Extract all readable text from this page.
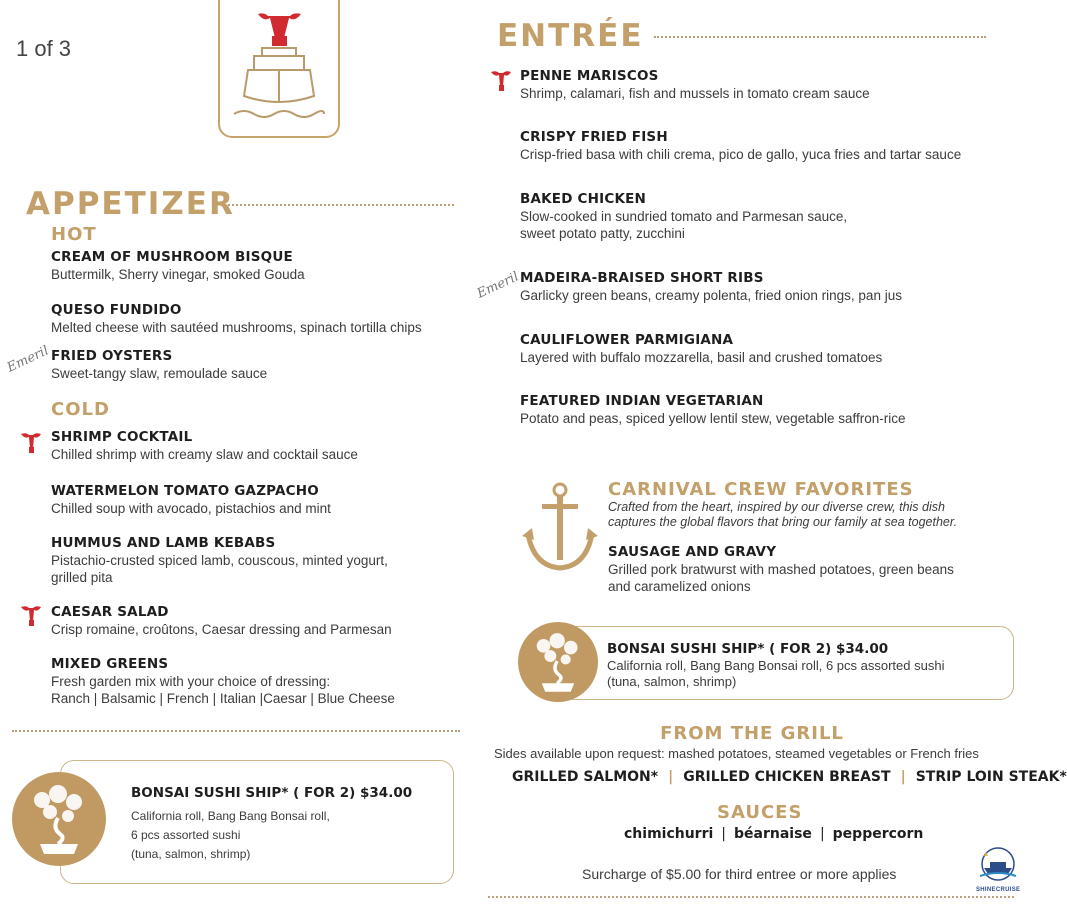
1 of 3
APPETIZER
HOT
CREAM OF MUSHROOM BISQUE
Buttermilk, Sherry vinegar, smoked Gouda
QUESO FUNDIDO
Melted cheese with sautéed mushrooms, spinach tortilla chips
Emeril FRIED OYSTERS
Sweet-tangy slaw, remoulade sauce
COLD
SHRIMP COCKTAIL
Chilled shrimp with creamy slaw and cocktail sauce
WATERMELON TOMATO GAZPACHO
Chilled soup with avocado, pistachios and mint
HUMMUS AND LAMB KEBABS
Pistachio-crusted spiced lamb, couscous, minted yogurt,
grilled pita
CAESAR SALAD
Crisp romaine, croûtons, Caesar dressing and Parmesan
MIXED GREENS
Fresh garden mix with your choice of dressing:
Ranch | Balsamic | French | Italian |Caesar | Blue Cheese
BONSAI SUSHI SHIP* ( FOR 2) $34.00
California roll, Bang Bang Bonsai roll,
6 pcs assorted sushi
(tuna, salmon, shrimp)
ENTRÉE
PENNE MARISCOS
Shrimp, calamari, fish and mussels in tomato cream sauce
CRISPY FRIED FISH
Crisp-fried basa with chili crema, pico de gallo, yuca fries and tartar sauce
BAKED CHICKEN
Slow-cooked in sundried tomato and Parmesan sauce,
sweet potato patty, zucchini
Emeril
MADEIRA-BRAISED SHORT RIBS
Garlicky green beans, creamy polenta, fried onion rings, pan jus
CAULIFLOWER PARMIGIANA
Layered with buffalo mozzarella, basil and crushed tomatoes
FEATURED INDIAN VEGETARIAN
Potato and peas, spiced yellow lentil stew, vegetable saffron-rice
CARNIVAL CREW FAVORITES
Crafted from the heart, inspired by our diverse crew, this dish
captures the global flavors that bring our family at sea together.
SAUSAGE AND GRAVY
Grilled pork bratwurst with mashed potatoes, green beans
and caramelized onions
BONSAI SUSHI SHIP* ( FOR 2) $34.00
California roll, Bang Bang Bonsai roll, 6 pcs assorted sushi
(tuna, salmon, shrimp)
FROM THE GRILL
Sides available upon request: mashed potatoes, steamed vegetables or French fries
GRILLED SALMON* | GRILLED CHICKEN BREAST | STRIP LOIN STEAK*
SAUCES
chimichurri | béarnaise | peppercorn
Surcharge of $5.00 for third entree or more applies
SHINECRUISE
